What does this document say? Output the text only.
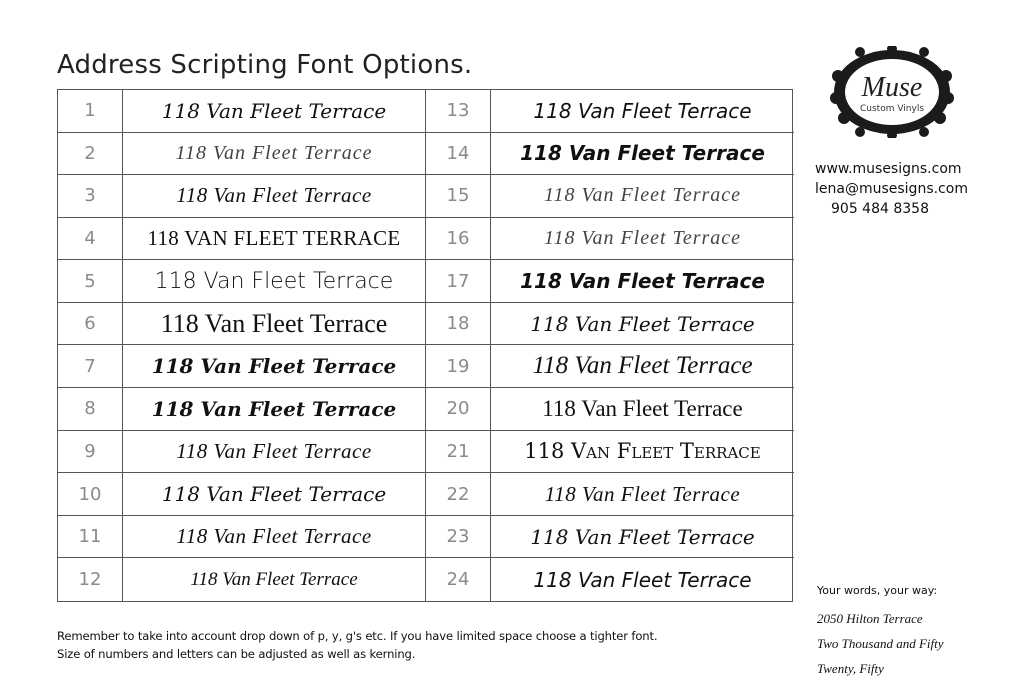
Address Scripting Font Options.
1	118 Van Fleet Terrace	13	118 Van Fleet Terrace
2	118 Van Fleet Terrace	14	118 Van Fleet Terrace
3	118 Van Fleet Terrace	15	118 Van Fleet Terrace
4	118 VAN FLEET TERRACE	16	118 Van Fleet Terrace
5	118 Van Fleet Terrace	17	118 Van Fleet Terrace
6	118 Van Fleet Terrace	18	118 Van Fleet Terrace
7	118 Van Fleet Terrace	19	118 Van Fleet Terrace
8	118 Van Fleet Terrace	20	118 Van Fleet Terrace
9	118 Van Fleet Terrace	21	118 Van Fleet Terrace
10	118 Van Fleet Terrace	22	118 Van Fleet Terrace
11	118 Van Fleet Terrace	23	118 Van Fleet Terrace
12	118 Van Fleet Terrace	24	118 Van Fleet Terrace
Muse
Custom Vinyls
www.musesigns.com
lena@musesigns.com
905 484 8358
Your words, your way:
2050 Hilton Terrace
Two Thousand and Fifty
Twenty, Fifty
Remember to take into account drop down of p, y, g's etc. If you have limited space choose a tighter font.
Size of numbers and letters can be adjusted as well as kerning.
